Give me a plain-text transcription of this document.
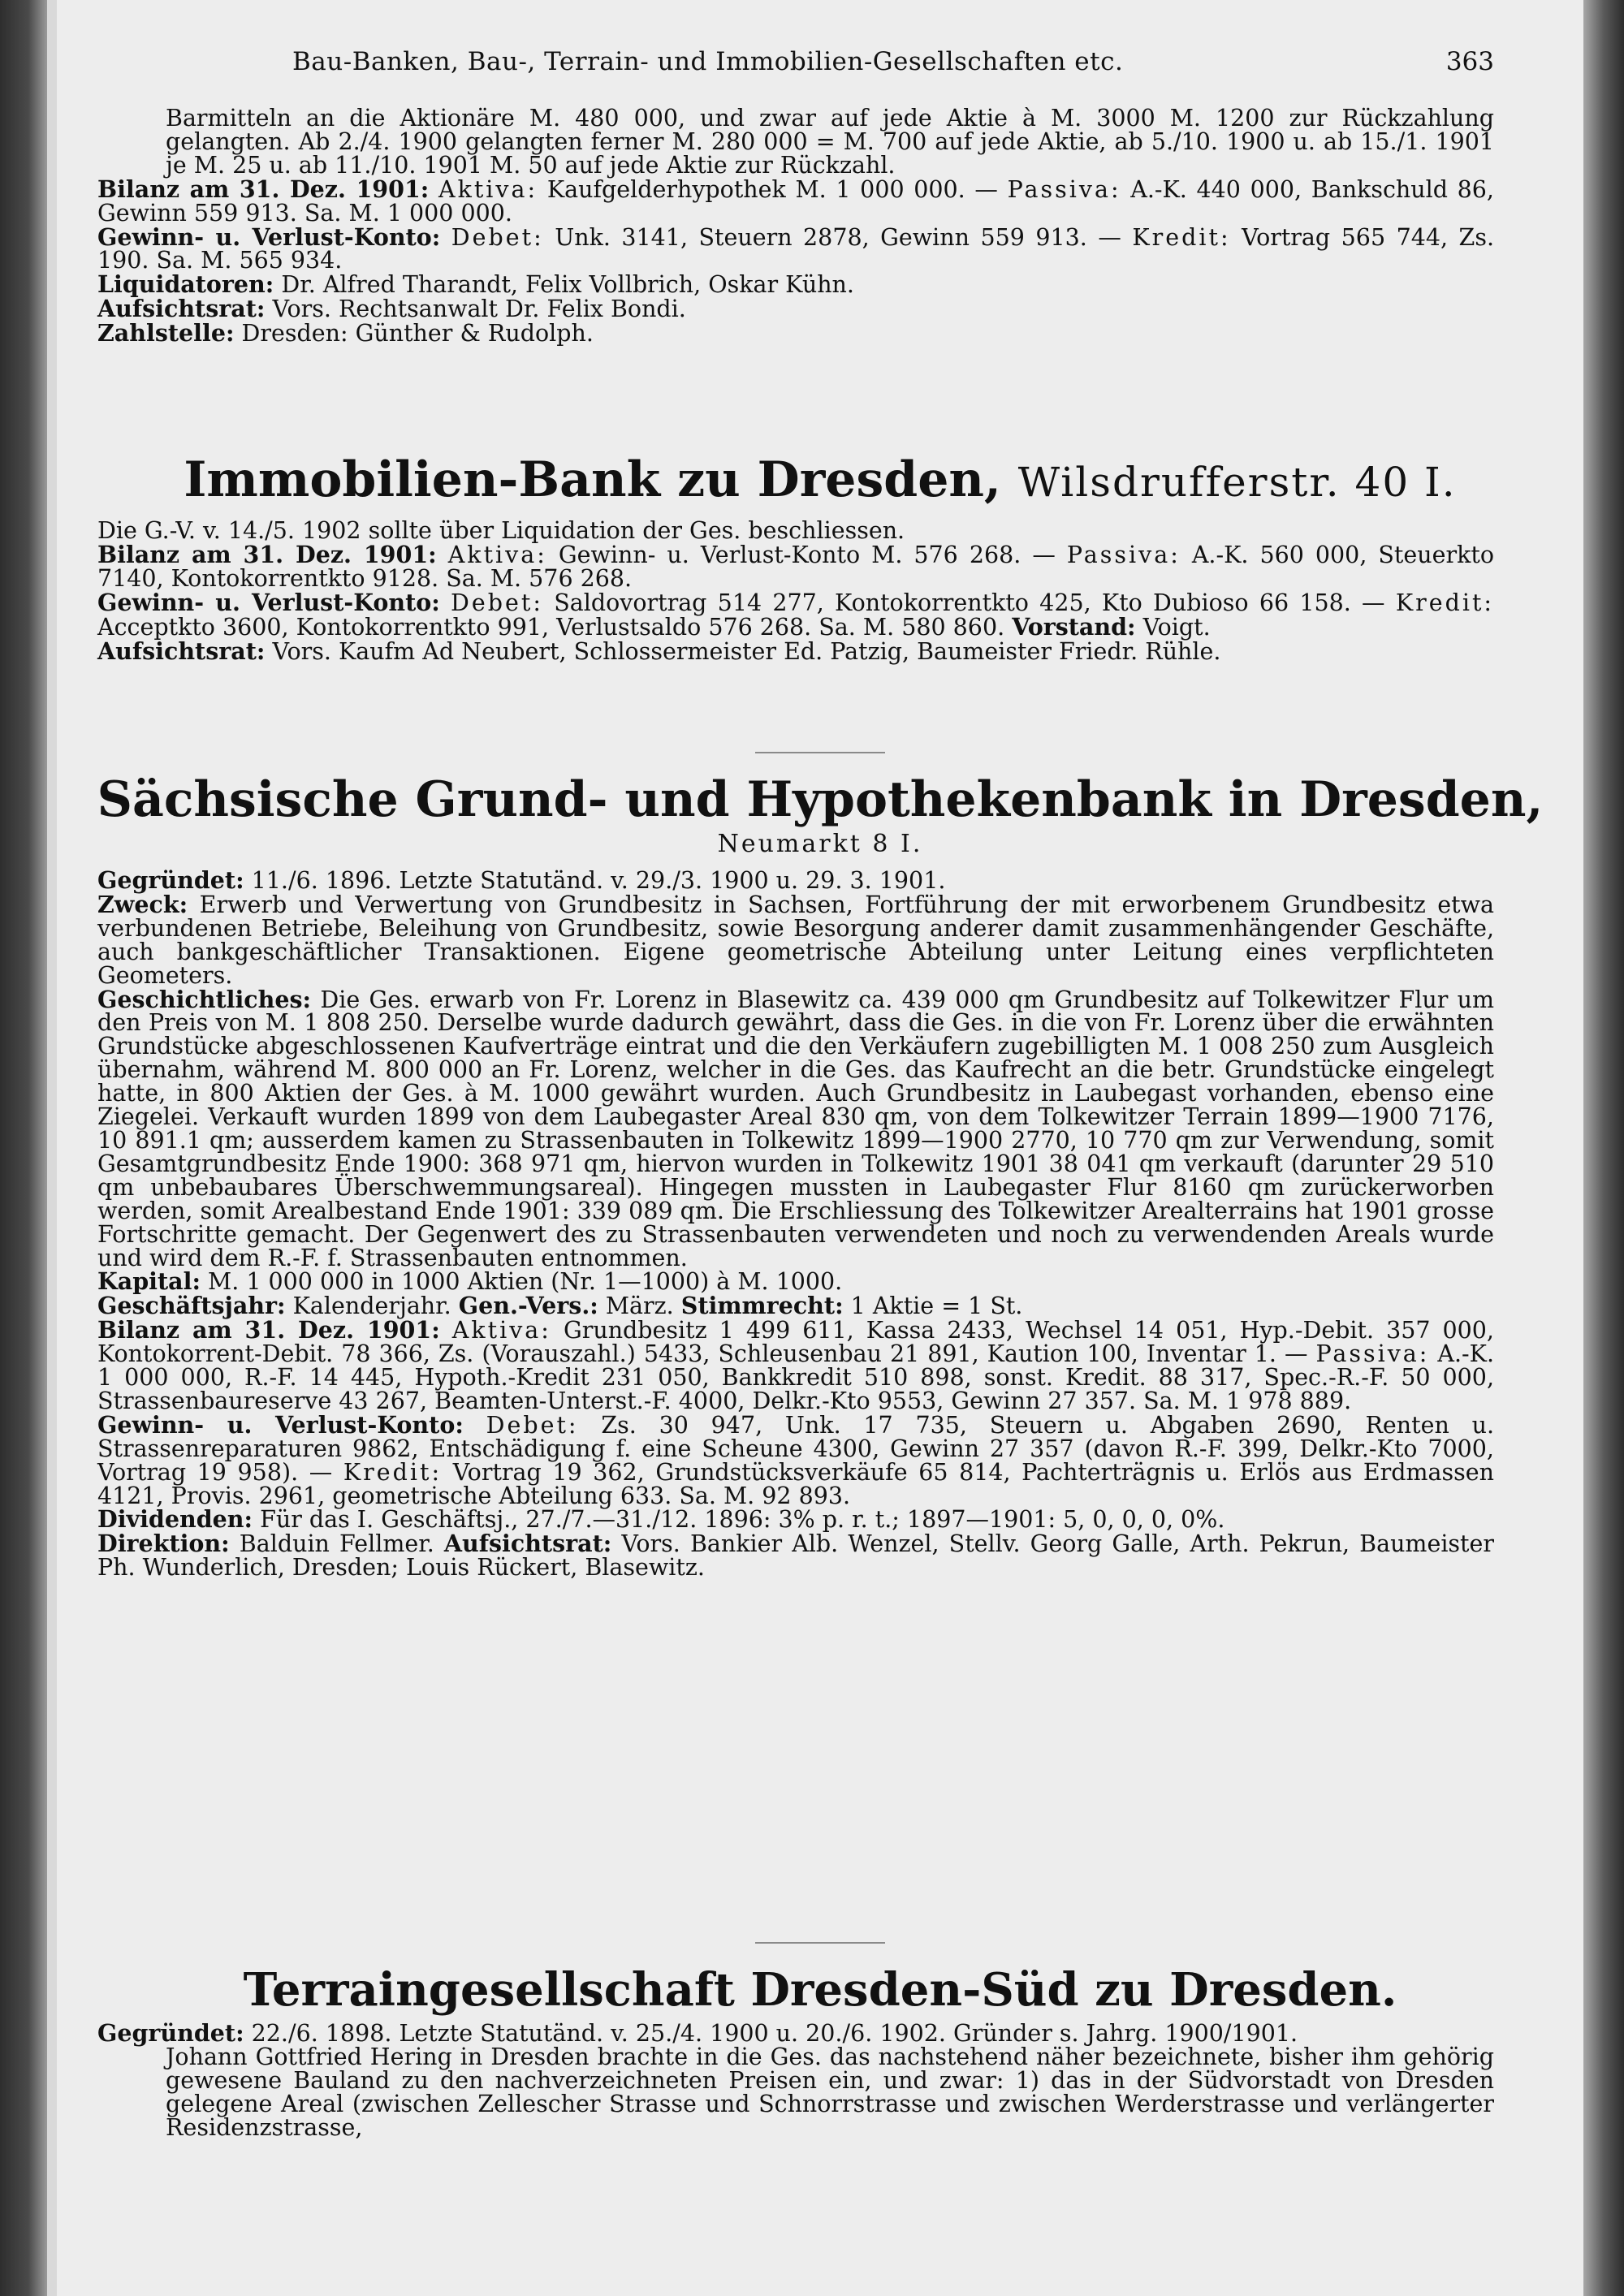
Bau-Banken, Bau-, Terrain- und Immobilien-Gesellschaften etc.	363

Barmitteln an die Aktionäre M. 480 000, und zwar auf jede Aktie à M. 3000 M. 1200 zur Rückzahlung gelangten. Ab 2./4. 1900 gelangten ferner M. 280 000 = M. 700 auf jede Aktie, ab 5./10. 1900 u. ab 15./1. 1901 je M. 25 u. ab 11./10. 1901 M. 50 auf jede Aktie zur Rückzahl.

Bilanz am 31. Dez. 1901: Aktiva: Kaufgelderhypothek M. 1 000 000. — Passiva: A.-K. 440 000, Bankschuld 86, Gewinn 559 913. Sa. M. 1 000 000.

Gewinn- u. Verlust-Konto: Debet: Unk. 3141, Steuern 2878, Gewinn 559 913. — Kredit: Vortrag 565 744, Zs. 190. Sa. M. 565 934.

Liquidatoren: Dr. Alfred Tharandt, Felix Vollbrich, Oskar Kühn.

Aufsichtsrat: Vors. Rechtsanwalt Dr. Felix Bondi.

Zahlstelle: Dresden: Günther & Rudolph.

Immobilien-Bank zu Dresden, Wilsdrufferstr. 40 I.

Die G.-V. v. 14./5. 1902 sollte über Liquidation der Ges. beschliessen.

Bilanz am 31. Dez. 1901: Aktiva: Gewinn- u. Verlust-Konto M. 576 268. — Passiva: A.-K. 560 000, Steuerkto 7140, Kontokorrentkto 9128. Sa. M. 576 268.

Gewinn- u. Verlust-Konto: Debet: Saldovortrag 514 277, Kontokorrentkto 425, Kto Dubioso 66 158. — Kredit: Acceptkto 3600, Kontokorrentkto 991, Verlustsaldo 576 268. Sa. M. 580 860. Vorstand: Voigt.

Aufsichtsrat: Vors. Kaufm Ad Neubert, Schlossermeister Ed. Patzig, Baumeister Friedr. Rühle.

Sächsische Grund- und Hypothekenbank in Dresden,
Neumarkt 8 I.

Gegründet: 11./6. 1896. Letzte Statutänd. v. 29./3. 1900 u. 29. 3. 1901.

Zweck: Erwerb und Verwertung von Grundbesitz in Sachsen, Fortführung der mit erworbenem Grundbesitz etwa verbundenen Betriebe, Beleihung von Grundbesitz, sowie Besorgung anderer damit zusammenhängender Geschäfte, auch bankgeschäftlicher Transaktionen. Eigene geometrische Abteilung unter Leitung eines verpflichteten Geometers.

Geschichtliches: Die Ges. erwarb von Fr. Lorenz in Blasewitz ca. 439 000 qm Grundbesitz auf Tolkewitzer Flur um den Preis von M. 1 808 250. Derselbe wurde dadurch gewährt, dass die Ges. in die von Fr. Lorenz über die erwähnten Grundstücke abgeschlossenen Kaufverträge eintrat und die den Verkäufern zugebilligten M. 1 008 250 zum Ausgleich übernahm, während M. 800 000 an Fr. Lorenz, welcher in die Ges. das Kaufrecht an die betr. Grundstücke eingelegt hatte, in 800 Aktien der Ges. à M. 1000 gewährt wurden. Auch Grundbesitz in Laubegast vorhanden, ebenso eine Ziegelei. Verkauft wurden 1899 von dem Laubegaster Areal 830 qm, von dem Tolkewitzer Terrain 1899—1900 7176, 10 891.1 qm; ausserdem kamen zu Strassenbauten in Tolkewitz 1899—1900 2770, 10 770 qm zur Verwendung, somit Gesamtgrundbesitz Ende 1900: 368 971 qm, hiervon wurden in Tolkewitz 1901 38 041 qm verkauft (darunter 29 510 qm unbebaubares Überschwemmungsareal). Hingegen mussten in Laubegaster Flur 8160 qm zurückerworben werden, somit Arealbestand Ende 1901: 339 089 qm. Die Erschliessung des Tolkewitzer Arealterrains hat 1901 grosse Fortschritte gemacht. Der Gegenwert des zu Strassenbauten verwendeten und noch zu verwendenden Areals wurde und wird dem R.-F. f. Strassenbauten entnommen.

Kapital: M. 1 000 000 in 1000 Aktien (Nr. 1—1000) à M. 1000.

Geschäftsjahr: Kalenderjahr. Gen.-Vers.: März. Stimmrecht: 1 Aktie = 1 St.

Bilanz am 31. Dez. 1901: Aktiva: Grundbesitz 1 499 611, Kassa 2433, Wechsel 14 051, Hyp.-Debit. 357 000, Kontokorrent-Debit. 78 366, Zs. (Vorauszahl.) 5433, Schleusenbau 21 891, Kaution 100, Inventar 1. — Passiva: A.-K. 1 000 000, R.-F. 14 445, Hypoth.-Kredit 231 050, Bankkredit 510 898, sonst. Kredit. 88 317, Spec.-R.-F. 50 000, Strassenbaureserve 43 267, Beamten-Unterst.-F. 4000, Delkr.-Kto 9553, Gewinn 27 357. Sa. M. 1 978 889.

Gewinn- u. Verlust-Konto: Debet: Zs. 30 947, Unk. 17 735, Steuern u. Abgaben 2690, Renten u. Strassenreparaturen 9862, Entschädigung f. eine Scheune 4300, Gewinn 27 357 (davon R.-F. 399, Delkr.-Kto 7000, Vortrag 19 958). — Kredit: Vortrag 19 362, Grundstücksverkäufe 65 814, Pachterträgnis u. Erlös aus Erdmassen 4121, Provis. 2961, geometrische Abteilung 633. Sa. M. 92 893.

Dividenden: Für das I. Geschäftsj., 27./7.—31./12. 1896: 3% p. r. t.; 1897—1901: 5, 0, 0, 0, 0%.

Direktion: Balduin Fellmer. Aufsichtsrat: Vors. Bankier Alb. Wenzel, Stellv. Georg Galle, Arth. Pekrun, Baumeister Ph. Wunderlich, Dresden; Louis Rückert, Blasewitz.

Terraingesellschaft Dresden-Süd zu Dresden.

Gegründet: 22./6. 1898. Letzte Statutänd. v. 25./4. 1900 u. 20./6. 1902. Gründer s. Jahrg. 1900/1901.

Johann Gottfried Hering in Dresden brachte in die Ges. das nachstehend näher bezeichnete, bisher ihm gehörig gewesene Bauland zu den nachverzeichneten Preisen ein, und zwar: 1) das in der Südvorstadt von Dresden gelegene Areal (zwischen Zellescher Strasse und Schnorrstrasse und zwischen Werderstrasse und verlängerter Residenzstrasse,
